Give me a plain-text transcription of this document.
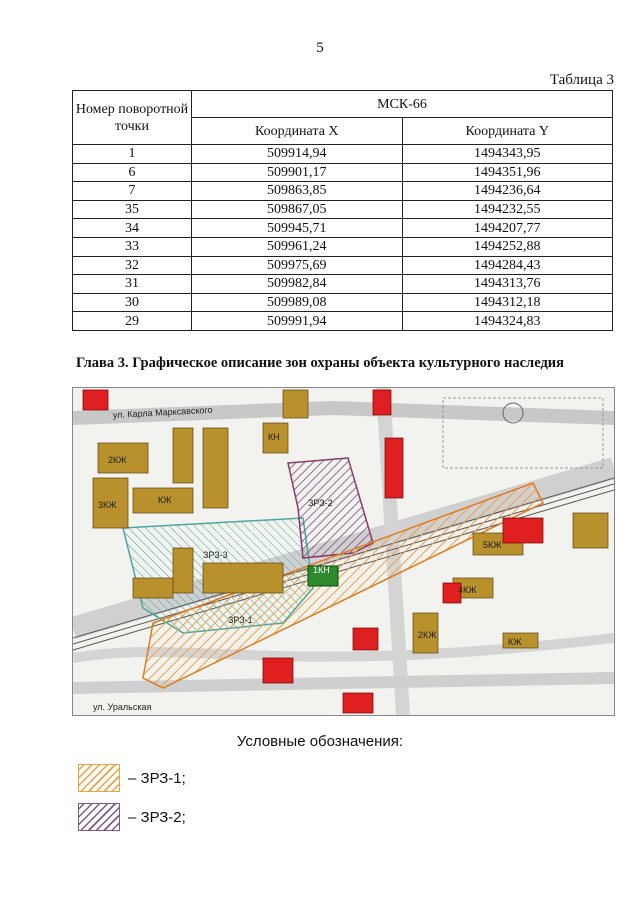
5
Таблица 3
Номер поворотной точки	МСК-66	
	Координата X	Координата Y
1	509914,94	1494343,95
6	509901,17	1494351,96
7	509863,85	1494236,64
35	509867,05	1494232,55
34	509945,71	1494207,77
33	509961,24	1494252,88
32	509975,69	1494284,43
31	509982,84	1494313,76
30	509989,08	1494312,18
29	509991,94	1494324,83
Глава 3. Графическое описание зон охраны объекта культурного наследия
ЗРЗ-3
ЗРЗ-2
ЗРЗ-1
ул. Карла Марксавского
ул. Уральская
2КЖ
3КЖ	КЖ
КН
1КН
5КЖ
4КЖ
КЖ
2КЖ
Условные обозначения:
– ЗРЗ-1;
– ЗРЗ-2;
